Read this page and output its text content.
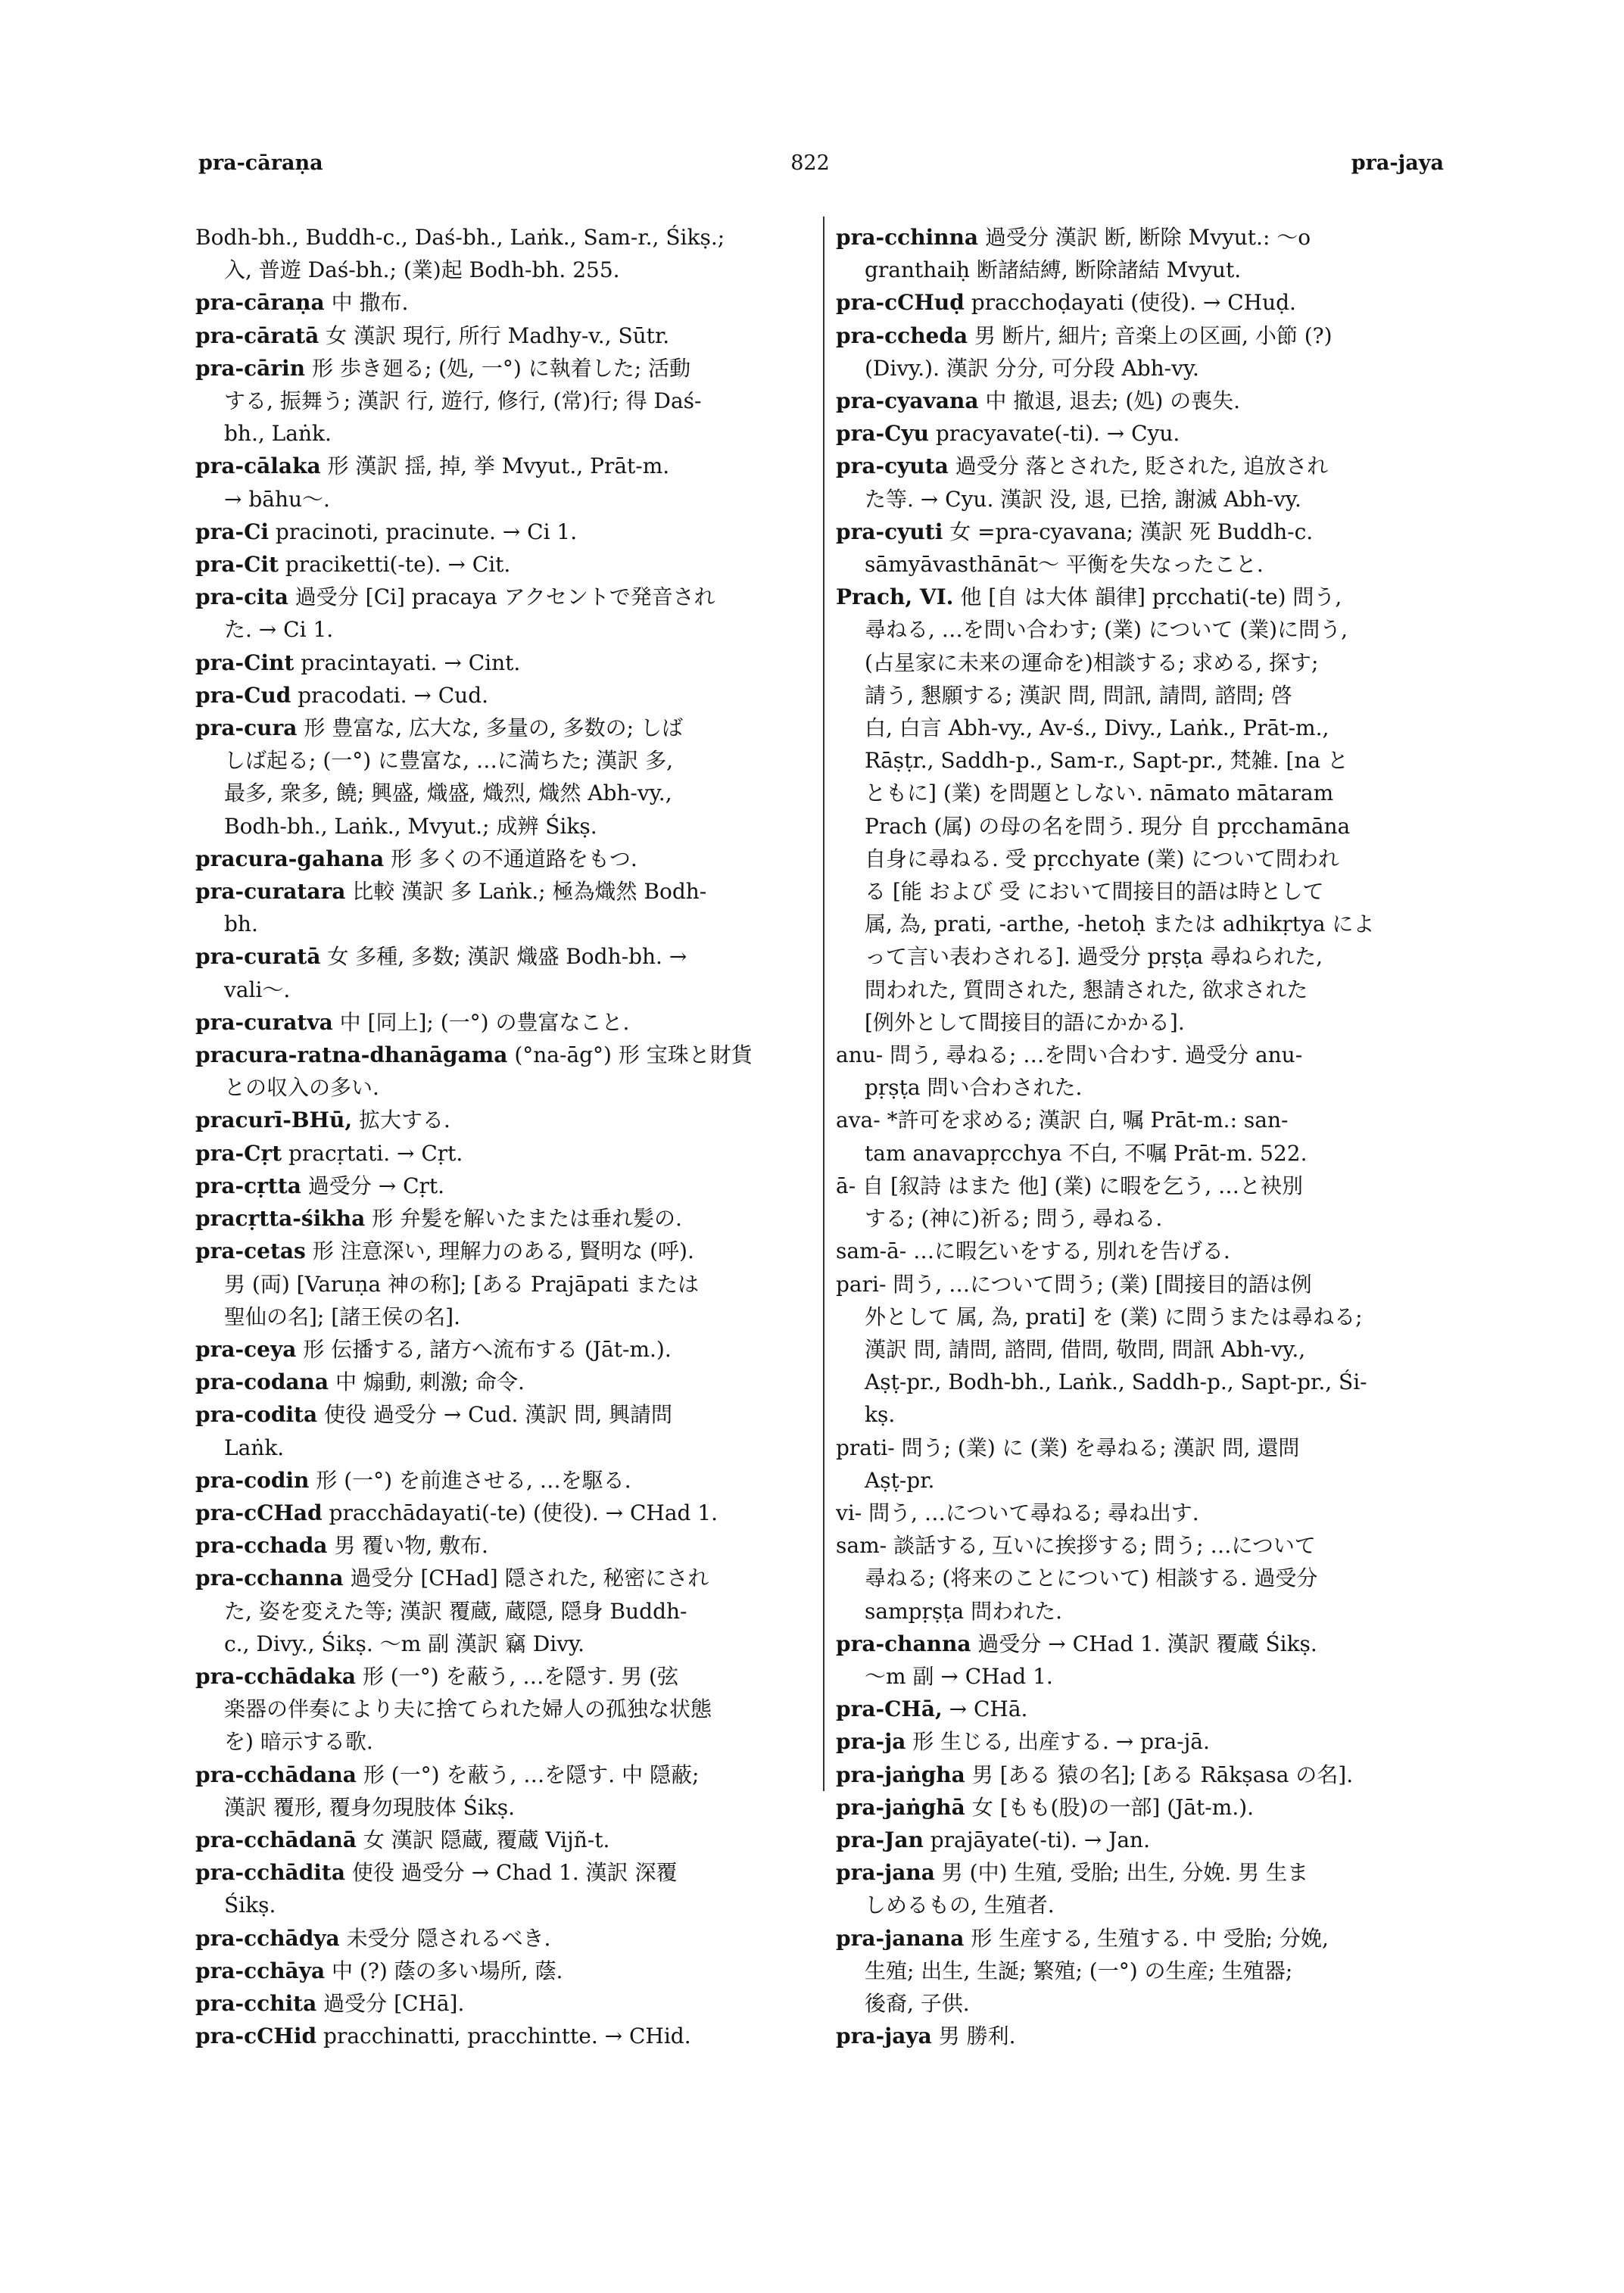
pra-cāraṇa	822	pra-jaya
Bodh-bh., Buddh-c., Daś-bh., Laṅk., Sam-r., Śikṣ.;
入, 普遊 Daś-bh.; (業)起 Bodh-bh. 255.
pra-cāraṇa 中 撒布.
pra-cāratā 女 漢訳 現行, 所行 Madhy-v., Sūtr.
pra-cārin 形 歩き廻る; (処, 一°) に執着した; 活動
する, 振舞う; 漢訳 行, 遊行, 修行, (常)行; 得 Daś-
bh., Laṅk.
pra-cālaka 形 漢訳 揺, 掉, 挙 Mvyut., Prāt-m.
→ bāhu～.
pra-Ci pracinoti, pracinute. → Ci 1.
pra-Cit praciketti(-te). → Cit.
pra-cita 過受分 [Ci] pracaya アクセントで発音され
た. → Ci 1.
pra-Cint pracintayati. → Cint.
pra-Cud pracodati. → Cud.
pra-cura 形 豊富な, 広大な, 多量の, 多数の; しば
しば起る; (一°) に豊富な, …に満ちた; 漢訳 多,
最多, 衆多, 饒; 興盛, 熾盛, 熾烈, 熾然 Abh-vy.,
Bodh-bh., Laṅk., Mvyut.; 成辨 Śikṣ.
pracura-gahana 形 多くの不通道路をもつ.
pra-curatara 比較 漢訳 多 Laṅk.; 極為熾然 Bodh-
bh.
pra-curatā 女 多種, 多数; 漢訳 熾盛 Bodh-bh. →
vali～.
pra-curatva 中 [同上]; (一°) の豊富なこと.
pracura-ratna-dhanāgama (°na-āg°) 形 宝珠と財貨
との収入の多い.
pracurī-BHū, 拡大する.
pra-Cṛt pracṛtati. → Cṛt.
pra-cṛtta 過受分 → Cṛt.
pracṛtta-śikha 形 弁髪を解いたまたは垂れ髪の.
pra-cetas 形 注意深い, 理解力のある, 賢明な (呼).
男 (両) [Varuṇa 神の称]; [ある Prajāpati または
聖仙の名]; [諸王侯の名].
pra-ceya 形 伝播する, 諸方へ流布する (Jāt-m.).
pra-codana 中 煽動, 刺激; 命令.
pra-codita 使役 過受分 → Cud. 漢訳 問, 興請問
Laṅk.
pra-codin 形 (一°) を前進させる, …を駆る.
pra-cCHad pracchādayati(-te) (使役). → CHad 1.
pra-cchada 男 覆い物, 敷布.
pra-cchanna 過受分 [CHad] 隠された, 秘密にされ
た, 姿を変えた等; 漢訳 覆蔵, 蔵隠, 隠身 Buddh-
c., Divy., Śikṣ. ～m 副 漢訳 竊 Divy.
pra-cchādaka 形 (一°) を蔽う, …を隠す. 男 (弦
楽器の伴奏により夫に捨てられた婦人の孤独な状態
を) 暗示する歌.
pra-cchādana 形 (一°) を蔽う, …を隠す. 中 隠蔽;
漢訳 覆形, 覆身勿現肢体 Śikṣ.
pra-cchādanā 女 漢訳 隠蔵, 覆蔵 Vijñ-t.
pra-cchādita 使役 過受分 → Chad 1. 漢訳 深覆
Śikṣ.
pra-cchādya 未受分 隠されるべき.
pra-cchāya 中 (?) 蔭の多い場所, 蔭.
pra-cchita 過受分 [CHā].
pra-cCHid pracchinatti, pracchintte. → CHid.
pra-cchinna 過受分 漢訳 断, 断除 Mvyut.: ～o
granthaiḥ 断諸結縛, 断除諸結 Mvyut.
pra-cCHuḍ pracchoḍayati (使役). → CHuḍ.
pra-ccheda 男 断片, 細片; 音楽上の区画, 小節 (?)
(Divy.). 漢訳 分分, 可分段 Abh-vy.
pra-cyavana 中 撤退, 退去; (処) の喪失.
pra-Cyu pracyavate(-ti). → Cyu.
pra-cyuta 過受分 落とされた, 貶された, 追放され
た等. → Cyu. 漢訳 没, 退, 已捨, 謝滅 Abh-vy.
pra-cyuti 女 =pra-cyavana; 漢訳 死 Buddh-c.
sāmyāvasthānāt～ 平衡を失なったこと.
Prach, VI. 他 [自 は大体 韻律] pṛcchati(-te) 問う,
尋ねる, …を問い合わす; (業) について (業)に問う,
(占星家に未来の運命を)相談する; 求める, 探す;
請う, 懇願する; 漢訳 問, 問訊, 請問, 諮問; 啓
白, 白言 Abh-vy., Av-ś., Divy., Laṅk., Prāt-m.,
Rāṣṭr., Saddh-p., Sam-r., Sapt-pr., 梵雑. [na と
ともに] (業) を問題としない. nāmato mātaram
Prach (属) の母の名を問う. 現分 自 pṛcchamāna
自身に尋ねる. 受 pṛcchyate (業) について問われ
る [能 および 受 において間接目的語は時として
属, 為, prati, -arthe, -hetoḥ または adhikṛtya によ
って言い表わされる]. 過受分 pṛṣṭa 尋ねられた,
問われた, 質問された, 懇請された, 欲求された
[例外として間接目的語にかかる].
anu- 問う, 尋ねる; …を問い合わす. 過受分 anu-
pṛṣṭa 問い合わされた.
ava- *許可を求める; 漢訳 白, 嘱 Prāt-m.: san-
tam anavapṛcchya 不白, 不嘱 Prāt-m. 522.
ā- 自 [叙詩 はまた 他] (業) に暇を乞う, …と袂別
する; (神に)祈る; 問う, 尋ねる.
sam-ā- …に暇乞いをする, 別れを告げる.
pari- 問う, …について問う; (業) [間接目的語は例
外として 属, 為, prati] を (業) に問うまたは尋ねる;
漢訳 問, 請問, 諮問, 借問, 敬問, 問訊 Abh-vy.,
Aṣṭ-pr., Bodh-bh., Laṅk., Saddh-p., Sapt-pr., Śi-
kṣ.
prati- 問う; (業) に (業) を尋ねる; 漢訳 問, 還問
Aṣṭ-pr.
vi- 問う, …について尋ねる; 尋ね出す.
sam- 談話する, 互いに挨拶する; 問う; …について
尋ねる; (将来のことについて) 相談する. 過受分
sampṛṣṭa 問われた.
pra-channa 過受分 → CHad 1. 漢訳 覆蔵 Śikṣ.
～m 副 → CHad 1.
pra-CHā, → CHā.
pra-ja 形 生じる, 出産する. → pra-jā.
pra-jaṅgha 男 [ある 猿の名]; [ある Rākṣasa の名].
pra-jaṅghā 女 [もも(股)の一部] (Jāt-m.).
pra-Jan prajāyate(-ti). → Jan.
pra-jana 男 (中) 生殖, 受胎; 出生, 分娩. 男 生ま
しめるもの, 生殖者.
pra-janana 形 生産する, 生殖する. 中 受胎; 分娩,
生殖; 出生, 生誕; 繁殖; (一°) の生産; 生殖器;
後裔, 子供.
pra-jaya 男 勝利.
